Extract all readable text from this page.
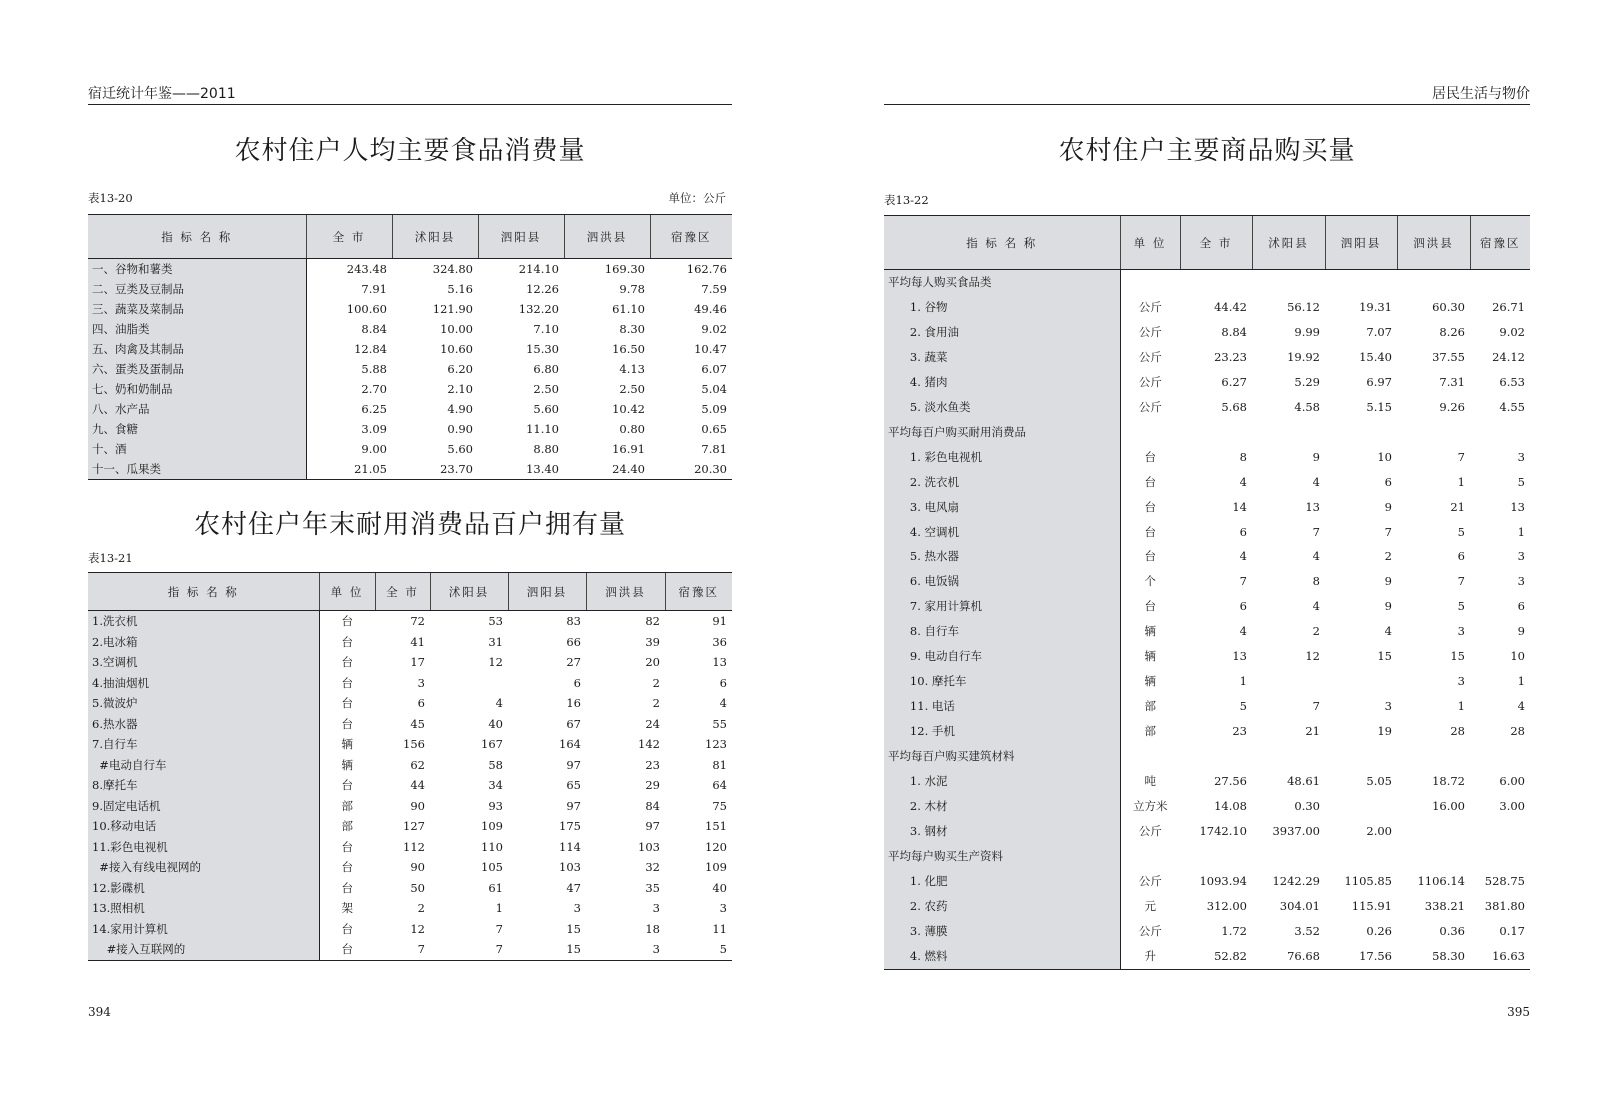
宿迁统计年鉴——2011
农村住户人均主要食品消费量
表13-20	单位：公斤
指 标 名 称	全 市	沭阳县	泗阳县	泗洪县	宿豫区
一、谷物和薯类	243.48	324.80	214.10	169.30	162.76
二、豆类及豆制品	7.91	5.16	12.26	9.78	7.59
三、蔬菜及菜制品	100.60	121.90	132.20	61.10	49.46
四、油脂类	8.84	10.00	7.10	8.30	9.02
五、肉禽及其制品	12.84	10.60	15.30	16.50	10.47
六、蛋类及蛋制品	5.88	6.20	6.80	4.13	6.07
七、奶和奶制品	2.70	2.10	2.50	2.50	5.04
八、水产品	6.25	4.90	5.60	10.42	5.09
九、食糖	3.09	0.90	11.10	0.80	0.65
十、酒	9.00	5.60	8.80	16.91	7.81
十一、瓜果类	21.05	23.70	13.40	24.40	20.30
农村住户年末耐用消费品百户拥有量
表13-21
指 标 名 称	单 位	全 市	沭阳县	泗阳县	泗洪县	宿豫区
1.洗衣机	台	72	53	83	82	91
2.电冰箱	台	41	31	66	39	36
3.空调机	台	17	12	27	20	13
4.抽油烟机	台	3		6	2	6
5.微波炉	台	6	4	16	2	4
6.热水器	台	45	40	67	24	55
7.自行车	辆	156	167	164	142	123
#电动自行车	辆	62	58	97	23	81
8.摩托车	台	44	34	65	29	64
9.固定电话机	部	90	93	97	84	75
10.移动电话	部	127	109	175	97	151
11.彩色电视机	台	112	110	114	103	120
#接入有线电视网的	台	90	105	103	32	109
12.影碟机	台	50	61	47	35	40
13.照相机	架	2	1	3	3	3
14.家用计算机	台	12	7	15	18	11
#接入互联网的	台	7	7	15	3	5
394
居民生活与物价
农村住户主要商品购买量
表13-22
指 标 名 称	单 位	全 市	沭阳县	泗阳县	泗洪县	宿豫区
平均每人购买食品类						
1. 谷物	公斤	44.42	56.12	19.31	60.30	26.71
2. 食用油	公斤	8.84	9.99	7.07	8.26	9.02
3. 蔬菜	公斤	23.23	19.92	15.40	37.55	24.12
4. 猪肉	公斤	6.27	5.29	6.97	7.31	6.53
5. 淡水鱼类	公斤	5.68	4.58	5.15	9.26	4.55
平均每百户购买耐用消费品						
1. 彩色电视机	台	8	9	10	7	3
2. 洗衣机	台	4	4	6	1	5
3. 电风扇	台	14	13	9	21	13
4. 空调机	台	6	7	7	5	1
5. 热水器	台	4	4	2	6	3
6. 电饭锅	个	7	8	9	7	3
7. 家用计算机	台	6	4	9	5	6
8. 自行车	辆	4	2	4	3	9
9. 电动自行车	辆	13	12	15	15	10
10. 摩托车	辆	1			3	1
11. 电话	部	5	7	3	1	4
12. 手机	部	23	21	19	28	28
平均每百户购买建筑材料						
1. 水泥	吨	27.56	48.61	5.05	18.72	6.00
2. 木材	立方米	14.08	0.30		16.00	3.00
3. 钢材	公斤	1742.10	3937.00	2.00		
平均每户购买生产资料						
1. 化肥	公斤	1093.94	1242.29	1105.85	1106.14	528.75
2. 农药	元	312.00	304.01	115.91	338.21	381.80
3. 薄膜	公斤	1.72	3.52	0.26	0.36	0.17
4. 燃料	升	52.82	76.68	17.56	58.30	16.63
395
